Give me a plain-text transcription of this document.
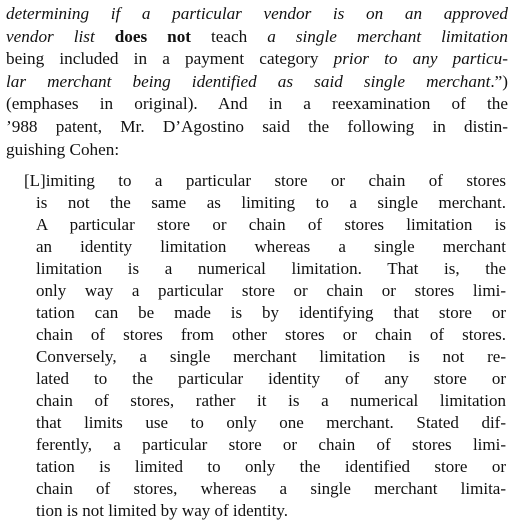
determining if a particular vendor is on an approved
vendor list does not teach a single merchant limitation
being included in a payment category prior to any particu-
lar merchant being identified as said single merchant.”)
(emphases in original). And in a reexamination of the
’988 patent, Mr. D’Agostino said the following in distin-
guishing Cohen:
[L]imiting to a particular store or chain of stores
is not the same as limiting to a single merchant.
A particular store or chain of stores limitation is
an identity limitation whereas a single merchant
limitation is a numerical limitation. That is, the
only way a particular store or chain or stores limi-
tation can be made is by identifying that store or
chain of stores from other stores or chain of stores.
Conversely, a single merchant limitation is not re-
lated to the particular identity of any store or
chain of stores, rather it is a numerical limitation
that limits use to only one merchant. Stated dif-
ferently, a particular store or chain of stores limi-
tation is limited to only the identified store or
chain of stores, whereas a single merchant limita-
tion is not limited by way of identity.
